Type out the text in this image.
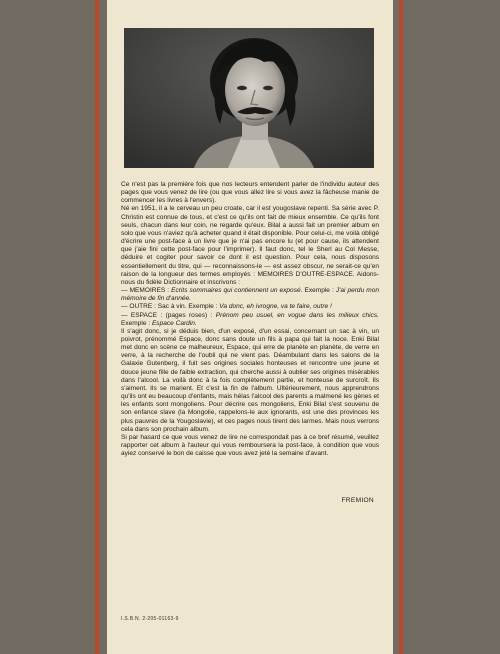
Ce n'est pas la première fois que nos lecteurs entendent parler de l'individu auteur des pages que vous venez de lire (ou que vous allez lire si vous avez la fâcheuse manie de commencer les livres à l'envers).

Né en 1951, il a le cerveau un peu croate, car il est yougoslave repenti. Sa série avec P. Christin est connue de tous, et c'est ce qu'ils ont fait de mieux ensemble. Ce qu'ils font seuls, chacun dans leur coin, ne regarde qu'eux. Bilal a aussi fait un premier album en solo que vous n'aviez qu'à acheter quand il était disponible. Pour celui-ci, me voilà obligé d'écrire une post-face à un livre que je n'ai pas encore lu (et pour cause, ils attendent que j'aie fini cette post-face pour l'imprimer). Il faut donc, tel le Sherl au Col Messe, déduire et cogiter pour savoir ce dont il est question. Pour cela, nous disposons essentiellement du titre, qui — reconnaissons-le — est assez obscur, ne serait-ce qu'en raison de la longueur des termes employés : MEMOIRES D'OUTRE-ESPACE. Aidons-nous du fidèle Dictionnaire et inscrivons :

— MEMOIRES : Ecrits sommaires qui contiennent un exposé. Exemple : J'ai perdu mon mémoire de fin d'année.

— OUTRE : Sac à vin. Exemple : Va donc, eh ivrogne, va te faire, outre !

— ESPACE : (pages roses) : Prénom peu usuel, en vogue dans les milieux chics. Exemple : Espace Cardin.

Il s'agit donc, si je déduis bien, d'un exposé, d'un essai, concernant un sac à vin, un poivrot, prénommé Espace, donc sans doute un fils à papa qui fait la noce. Enki Bilal met donc en scène ce malheureux, Espace, qui erre de planète en planète, de verre en verre, à la recherche de l'oubli qui ne vient pas. Déambulant dans les salons de la Galaxie Gutenberg, il fuit ses origines sociales honteuses et rencontre une jeune et douce jeune fille de faible extraction, qui cherche aussi à oublier ses origines misérables dans l'alcool. La voilà donc à la fois complètement partie, et honteuse de surcroît. Ils s'aiment. Ils se marient. Et c'est la fin de l'album. Ultérieurement, nous apprendrons qu'ils ont eu beaucoup d'enfants, mais hélas l'alcool des parents a malmené les gènes et les enfants sont mongoliens. Pour décrire ces mongoliens, Enki Bilal s'est souvenu de son enfance slave (la Mongolie, rappelons-le aux ignorants, est une des provinces les plus pauvres de la Yougoslavie), et ces pages nous tirent des larmes. Mais nous verrons cela dans son prochain album.

Si par hasard ce que vous venez de lire ne correspondait pas à ce bref résumé, veuillez rapporter cet album à l'auteur qui vous remboursera la post-face, à condition que vous ayiez conservé le bon de caisse que vous avez jeté la semaine d'avant.

FREMION
I.S.B.N. 2-205-01163-9
